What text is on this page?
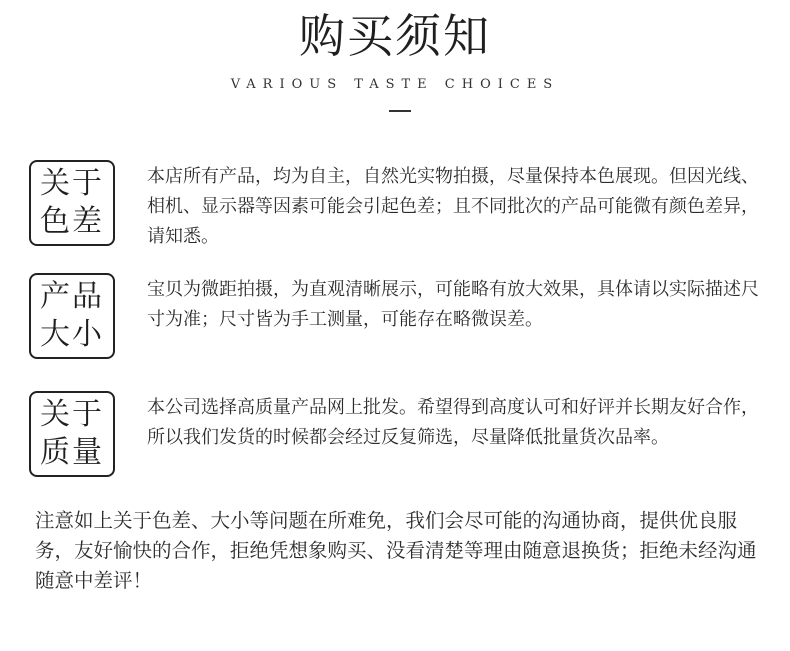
购买须知
VARIOUS TASTE CHOICES
关于
色差
本店所有产品，均为自主，自然光实物拍摄，尽量保持本色展现。但因光线、相机、显示器等因素可能会引起色差；且不同批次的产品可能微有颜色差异，请知悉。
产品
大小
宝贝为微距拍摄，为直观清晰展示，可能略有放大效果，具体请以实际描述尺寸为准；尺寸皆为手工测量，可能存在略微误差。
关于
质量
本公司选择高质量产品网上批发。希望得到高度认可和好评并长期友好合作，所以我们发货的时候都会经过反复筛选，尽量降低批量货次品率。
注意如上关于色差、大小等问题在所难免，我们会尽可能的沟通协商，提供优良服务，友好愉快的合作，拒绝凭想象购买、没看清楚等理由随意退换货；拒绝未经沟通随意中差评！
